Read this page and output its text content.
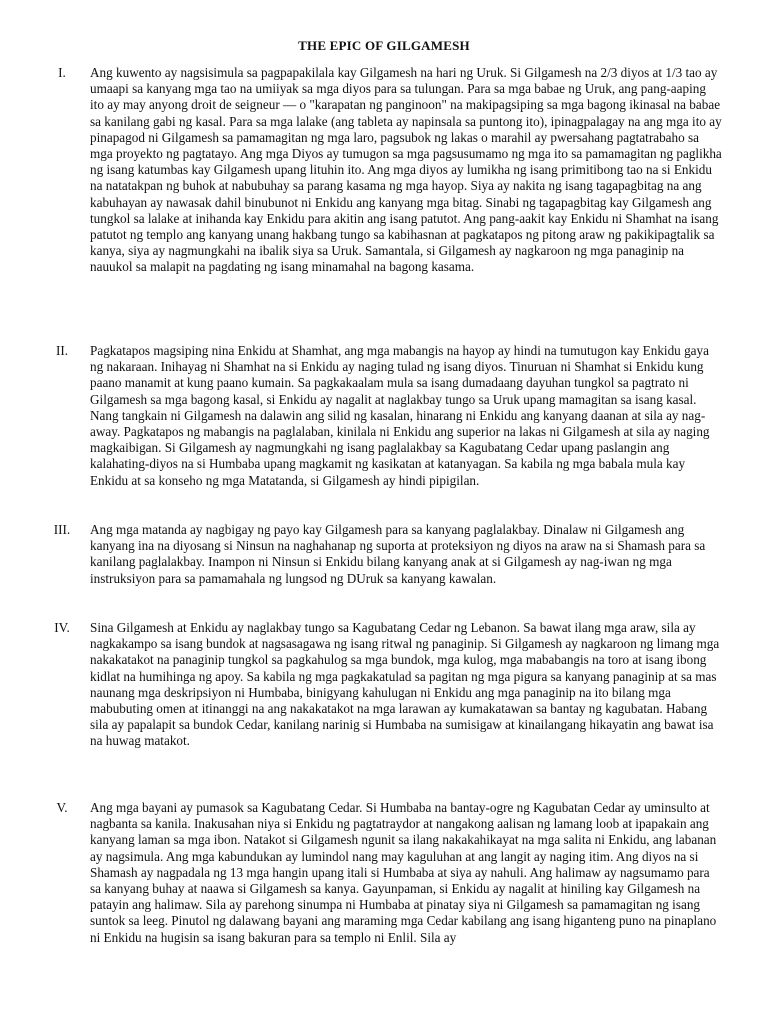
THE EPIC OF GILGAMESH
I.	Ang kuwento ay nagsisimula sa pagpapakilala kay Gilgamesh na hari ng Uruk. Si Gilgamesh na 2/3 diyos at 1/3 tao ay umaapi sa kanyang mga tao na umiiyak sa mga diyos para sa tulungan. Para sa mga babae ng Uruk, ang pang-aaping ito ay may anyong droit de seigneur — o "karapatan ng panginoon" na makipagsiping sa mga bagong ikinasal na babae sa kanilang gabi ng kasal. Para sa mga lalake (ang tableta ay napinsala sa puntong ito), ipinagpalagay na ang mga ito ay pinapagod ni Gilgamesh sa pamamagitan ng mga laro, pagsubok ng lakas o marahil ay pwersahang pagtatrabaho sa mga proyekto ng pagtatayo. Ang mga Diyos ay tumugon sa mga pagsusumamo ng mga ito sa pamamagitan ng paglikha ng isang katumbas kay Gilgamesh upang lituhin ito. Ang mga diyos ay lumikha ng isang primitibong tao na si Enkidu na natatakpan ng buhok at nabubuhay sa parang kasama ng mga hayop. Siya ay nakita ng isang tagapagbitag na ang kabuhayan ay nawasak dahil binubunot ni Enkidu ang kanyang mga bitag. Sinabi ng tagapagbitag kay Gilgamesh ang tungkol sa lalake at inihanda kay Enkidu para akitin ang isang patutot. Ang pang-aakit kay Enkidu ni Shamhat na isang patutot ng templo ang kanyang unang hakbang tungo sa kabihasnan at pagkatapos ng pitong araw ng pakikipagtalik sa kanya, siya ay nagmungkahi na ibalik siya sa Uruk. Samantala, si Gilgamesh ay nagkaroon ng mga panaginip na nauukol sa malapit na pagdating ng isang minamahal na bagong kasama.
II.	Pagkatapos magsiping nina Enkidu at Shamhat, ang mga mabangis na hayop ay hindi na tumutugon kay Enkidu gaya ng nakaraan. Inihayag ni Shamhat na si Enkidu ay naging tulad ng isang diyos. Tinuruan ni Shamhat si Enkidu kung paano manamit at kung paano kumain. Sa pagkakaalam mula sa isang dumadaang dayuhan tungkol sa pagtrato ni Gilgamesh sa mga bagong kasal, si Enkidu ay nagalit at naglakbay tungo sa Uruk upang mamagitan sa isang kasal. Nang tangkain ni Gilgamesh na dalawin ang silid ng kasalan, hinarang ni Enkidu ang kanyang daanan at sila ay nag-away. Pagkatapos ng mabangis na paglalaban, kinilala ni Enkidu ang superior na lakas ni Gilgamesh at sila ay naging magkaibigan. Si Gilgamesh ay nagmungkahi ng isang paglalakbay sa Kagubatang Cedar upang paslangin ang kalahating-diyos na si Humbaba upang magkamit ng kasikatan at katanyagan. Sa kabila ng mga babala mula kay Enkidu at sa konseho ng mga Matatanda, si Gilgamesh ay hindi pipigilan.
III.	Ang mga matanda ay nagbigay ng payo kay Gilgamesh para sa kanyang paglalakbay. Dinalaw ni Gilgamesh ang kanyang ina na diyosang si Ninsun na naghahanap ng suporta at proteksiyon ng diyos na araw na si Shamash para sa kanilang paglalakbay. Inampon ni Ninsun si Enkidu bilang kanyang anak at si Gilgamesh ay nag-iwan ng mga instruksiyon para sa pamamahala ng lungsod ng DUruk sa kanyang kawalan.
IV.	Sina Gilgamesh at Enkidu ay naglakbay tungo sa Kagubatang Cedar ng Lebanon. Sa bawat ilang mga araw, sila ay nagkakampo sa isang bundok at nagsasagawa ng isang ritwal ng panaginip. Si Gilgamesh ay nagkaroon ng limang mga nakakatakot na panaginip tungkol sa pagkahulog sa mga bundok, mga kulog, mga mababangis na toro at isang ibong kidlat na humihinga ng apoy. Sa kabila ng mga pagkakatulad sa pagitan ng mga pigura sa kanyang panaginip at sa mas naunang mga deskripsiyon ni Humbaba, binigyang kahulugan ni Enkidu ang mga panaginip na ito bilang mga mabubuting omen at itinanggi na ang nakakatakot na mga larawan ay kumakatawan sa bantay ng kagubatan. Habang sila ay papalapit sa bundok Cedar, kanilang narinig si Humbaba na sumisigaw at kinailangang hikayatin ang bawat isa na huwag matakot.
V.	Ang mga bayani ay pumasok sa Kagubatang Cedar. Si Humbaba na bantay-ogre ng Kagubatan Cedar ay uminsulto at nagbanta sa kanila. Inakusahan niya si Enkidu ng pagtatraydor at nangakong aalisan ng lamang loob at ipapakain ang kanyang laman sa mga ibon. Natakot si Gilgamesh ngunit sa ilang nakakahikayat na mga salita ni Enkidu, ang labanan ay nagsimula. Ang mga kabundukan ay lumindol nang may kaguluhan at ang langit ay naging itim. Ang diyos na si Shamash ay nagpadala ng 13 mga hangin upang itali si Humbaba at siya ay nahuli. Ang halimaw ay nagsumamo para sa kanyang buhay at naawa si Gilgamesh sa kanya. Gayunpaman, si Enkidu ay nagalit at hiniling kay Gilgamesh na patayin ang halimaw. Sila ay parehong sinumpa ni Humbaba at pinatay siya ni Gilgamesh sa pamamagitan ng isang suntok sa leeg. Pinutol ng dalawang bayani ang maraming mga Cedar kabilang ang isang higanteng puno na pinaplano ni Enkidu na hugisin sa isang bakuran para sa templo ni Enlil. Sila ay
